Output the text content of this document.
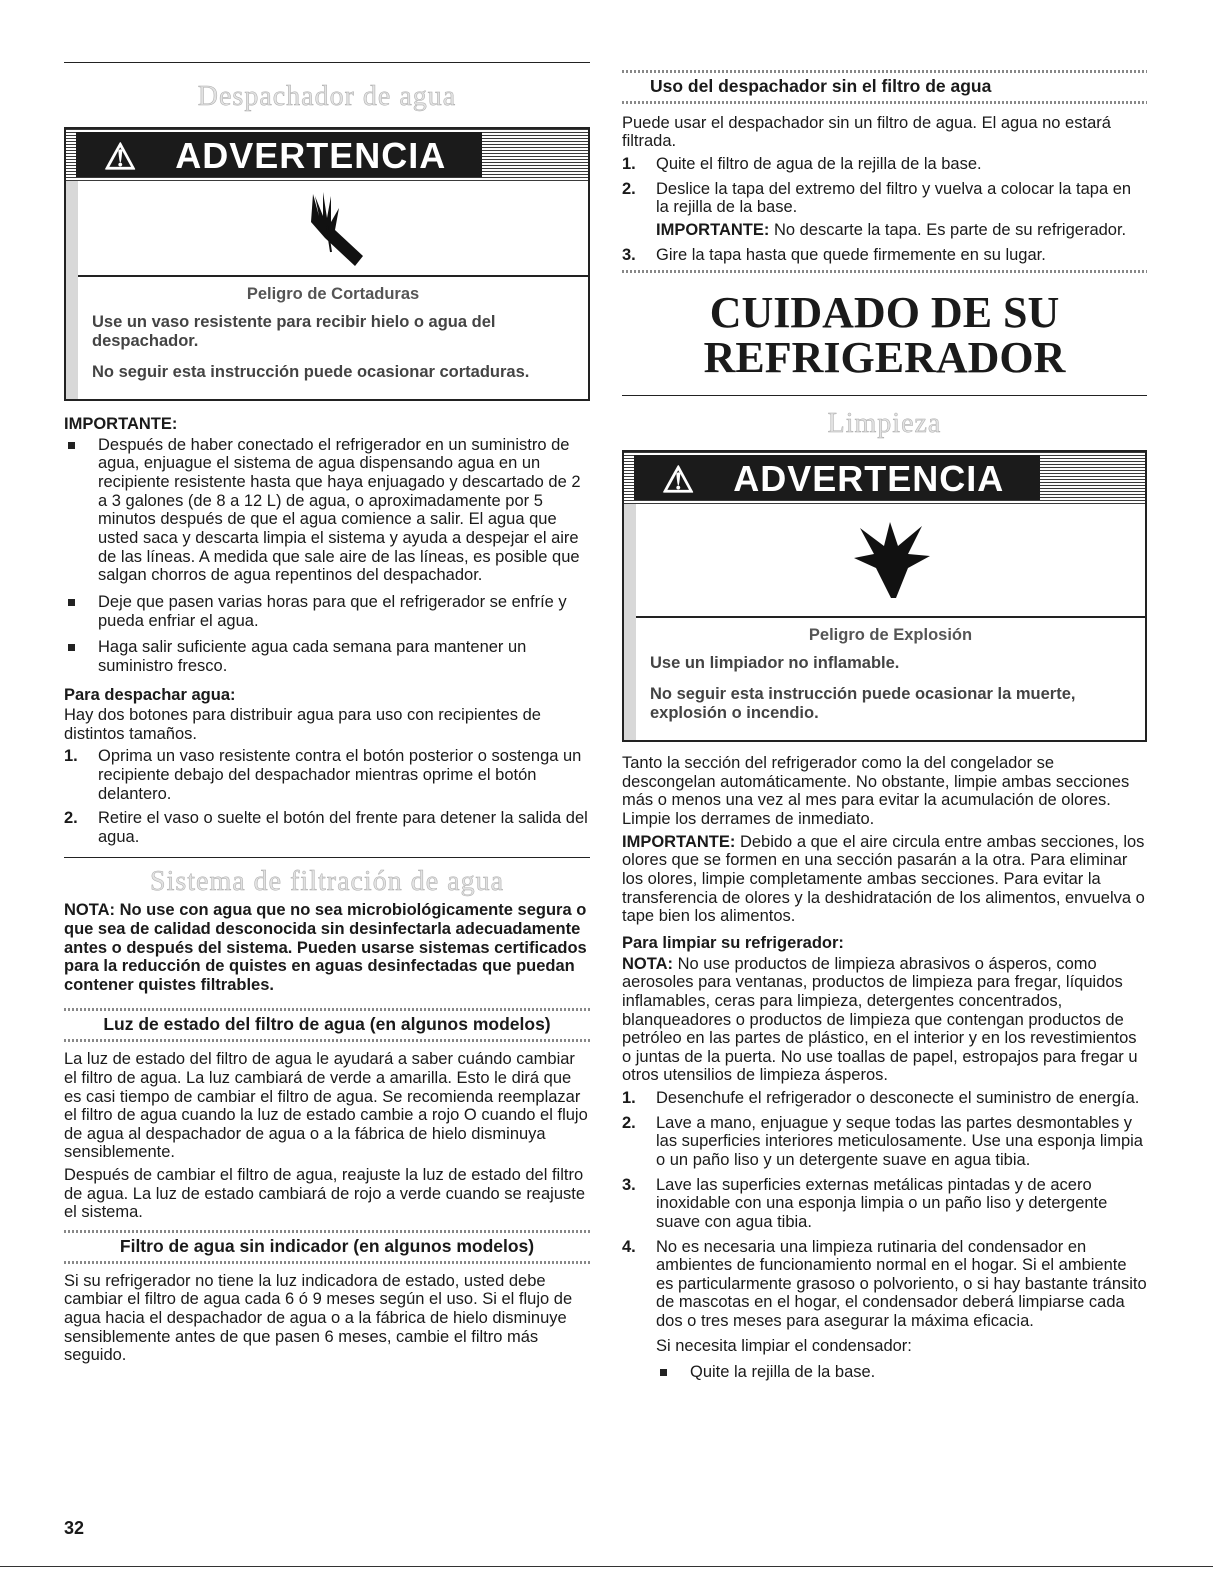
Despachador de agua
⚠	ADVERTENCIA
Peligro de Cortaduras

Use un vaso resistente para recibir hielo o agua del despachador.

No seguir esta instrucción puede ocasionar cortaduras.

IMPORTANTE:
Después de haber conectado el refrigerador en un suministro de agua, enjuague el sistema de agua dispensando agua en un recipiente resistente hasta que haya enjuagado y descartado de 2 a 3 galones (de 8 a 12 L) de agua, o aproximadamente por 5 minutos después de que el agua comience a salir. El agua que usted saca y descarta limpia el sistema y ayuda a despejar el aire de las líneas. A medida que sale aire de las líneas, es posible que salgan chorros de agua repentinos del despachador.
Deje que pasen varias horas para que el refrigerador se enfríe y pueda enfriar el agua.
Haga salir suficiente agua cada semana para mantener un suministro fresco.
Para despachar agua:

Hay dos botones para distribuir agua para uso con recipientes de distintos tamaños.

1. Oprima un vaso resistente contra el botón posterior o sostenga un recipiente debajo del despachador mientras oprime el botón delantero.
2. Retire el vaso o suelte el botón del frente para detener la salida del agua.
Sistema de filtración de agua
NOTA: No use con agua que no sea microbiológicamente segura o que sea de calidad desconocida sin desinfectarla adecuadamente antes o después del sistema. Pueden usarse sistemas certificados para la reducción de quistes en aguas desinfectadas que puedan contener quistes filtrables.
Luz de estado del filtro de agua (en algunos modelos)

La luz de estado del filtro de agua le ayudará a saber cuándo cambiar el filtro de agua. La luz cambiará de verde a amarilla. Esto le dirá que es casi tiempo de cambiar el filtro de agua. Se recomienda reemplazar el filtro de agua cuando la luz de estado cambie a rojo O cuando el flujo de agua al despachador de agua o a la fábrica de hielo disminuya sensiblemente.

Después de cambiar el filtro de agua, reajuste la luz de estado del filtro de agua. La luz de estado cambiará de rojo a verde cuando se reajuste el sistema.

Filtro de agua sin indicador (en algunos modelos)

Si su refrigerador no tiene la luz indicadora de estado, usted debe cambiar el filtro de agua cada 6 ó 9 meses según el uso. Si el flujo de agua hacia el despachador de agua o a la fábrica de hielo disminuye sensiblemente antes de que pasen 6 meses, cambie el filtro más seguido.

32
Uso del despachador sin el filtro de agua

Puede usar el despachador sin un filtro de agua. El agua no estará filtrada.

1. Quite el filtro de agua de la rejilla de la base.
2. Deslice la tapa del extremo del filtro y vuelva a colocar la tapa en la rejilla de la base.
IMPORTANTE: No descarte la tapa. Es parte de su refrigerador.
3. Gire la tapa hasta que quede firmemente en su lugar.
CUIDADO DE SU
REFRIGERADOR
Limpieza
⚠	ADVERTENCIA
Peligro de Explosión

Use un limpiador no inflamable.

No seguir esta instrucción puede ocasionar la muerte, explosión o incendio.

Tanto la sección del refrigerador como la del congelador se descongelan automáticamente. No obstante, limpie ambas secciones más o menos una vez al mes para evitar la acumulación de olores. Limpie los derrames de inmediato.

IMPORTANTE: Debido a que el aire circula entre ambas secciones, los olores que se formen en una sección pasarán a la otra. Para eliminar los olores, limpie completamente ambas secciones. Para evitar la transferencia de olores y la deshidratación de los alimentos, envuelva o tape bien los alimentos.

Para limpiar su refrigerador:

NOTA: No use productos de limpieza abrasivos o ásperos, como aerosoles para ventanas, productos de limpieza para fregar, líquidos inflamables, ceras para limpieza, detergentes concentrados, blanqueadores o productos de limpieza que contengan productos de petróleo en las partes de plástico, en el interior y en los revestimientos o juntas de la puerta. No use toallas de papel, estropajos para fregar u otros utensilios de limpieza ásperos.

1. Desenchufe el refrigerador o desconecte el suministro de energía.
2. Lave a mano, enjuague y seque todas las partes desmontables y las superficies interiores meticulosamente. Use una esponja limpia o un paño liso y un detergente suave en agua tibia.
3. Lave las superficies externas metálicas pintadas y de acero inoxidable con una esponja limpia o un paño liso y detergente suave con agua tibia.
4. No es necesaria una limpieza rutinaria del condensador en ambientes de funcionamiento normal en el hogar. Si el ambiente es particularmente grasoso o polvoriento, o si hay bastante tránsito de mascotas en el hogar, el condensador deberá limpiarse cada dos o tres meses para asegurar la máxima eficacia.
Si necesita limpiar el condensador:
Quite la rejilla de la base.
